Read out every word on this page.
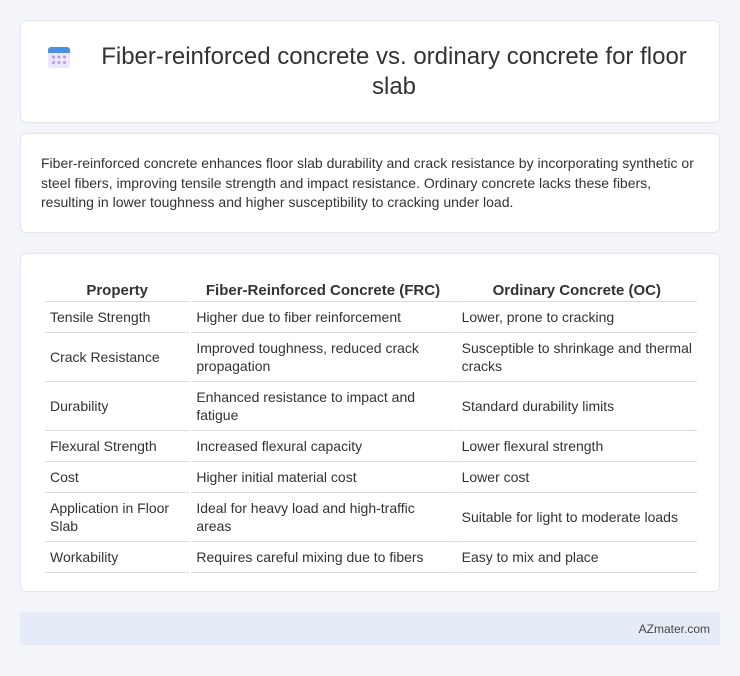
Fiber-reinforced concrete vs. ordinary concrete for floor slab

Fiber-reinforced concrete enhances floor slab durability and crack resistance by incorporating synthetic or steel fibers, improving tensile strength and impact resistance. Ordinary concrete lacks these fibers, resulting in lower toughness and higher susceptibility to cracking under load.

Property	Fiber-Reinforced Concrete (FRC)	Ordinary Concrete (OC)
Tensile Strength	Higher due to fiber reinforcement	Lower, prone to cracking
Crack Resistance	Improved toughness, reduced crack propagation	Susceptible to shrinkage and thermal cracks
Durability	Enhanced resistance to impact and fatigue	Standard durability limits
Flexural Strength	Increased flexural capacity	Lower flexural strength
Cost	Higher initial material cost	Lower cost
Application in Floor Slab	Ideal for heavy load and high-traffic areas	Suitable for light to moderate loads
Workability	Requires careful mixing due to fibers	Easy to mix and place
AZmater.com
